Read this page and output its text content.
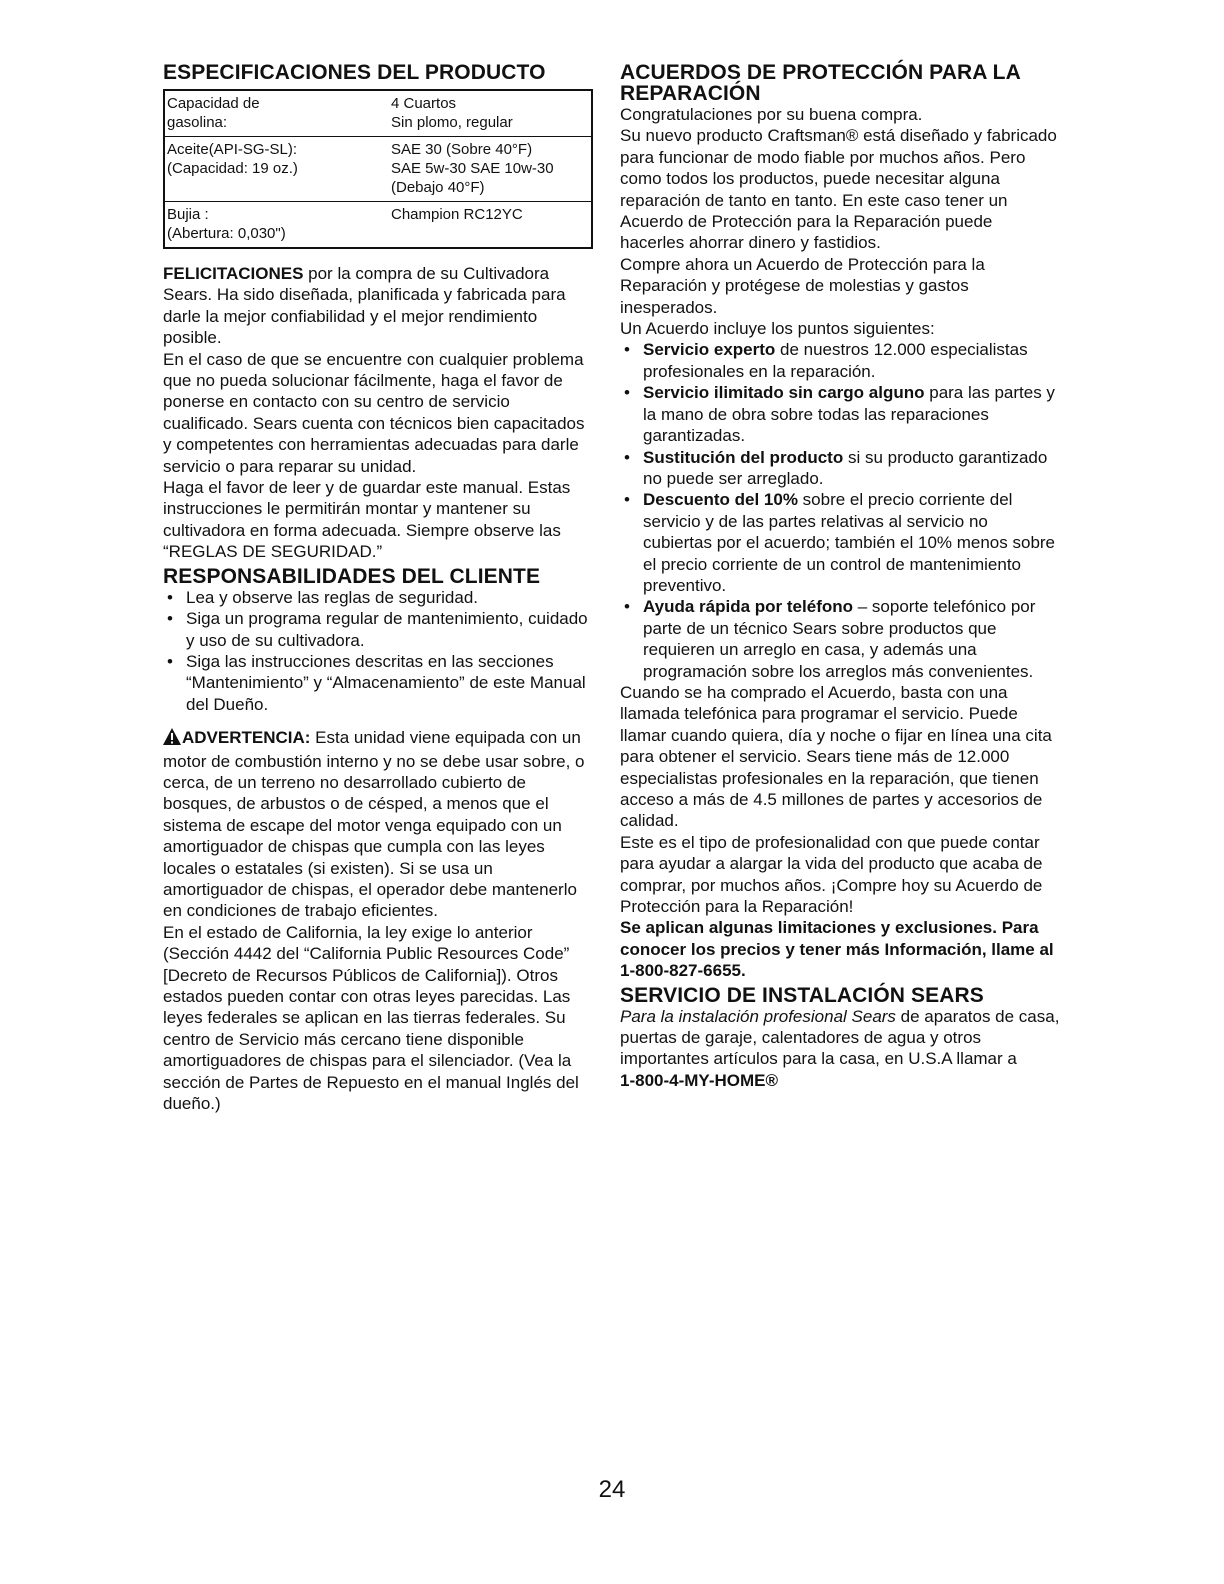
ESPECIFICACIONES DEL PRODUCTO
Capacidad de
gasolina:
4 Cuartos
Sin plomo, regular
Aceite(API-SG-SL):
(Capacidad: 19 oz.)
SAE 30 (Sobre 40°F)
SAE 5w-30 SAE 10w-30
(Debajo 40°F)
Bujia :
(Abertura: 0,030")
Champion RC12YC

FELICITACIONES por la compra de su Cultivadora Sears. Ha sido diseñada, planificada y fabricada para darle la mejor confiabilidad y el mejor rendimiento posible.

En el caso de que se encuentre con cualquier problema que no pueda solucionar fácilmente, haga el favor de ponerse en contacto con su centro de servicio cualificado. Sears cuenta con técnicos bien capacitados y competentes con herramientas adecuadas para darle servicio o para reparar su unidad.

Haga el favor de leer y de guardar este manual. Estas instrucciones le permitirán montar y mantener su cultivadora en forma adecuada. Siempre observe las “REGLAS DE SEGURIDAD.”

RESPONSABILIDADES DEL CLIENTE
• Lea y observe las reglas de seguridad.
• Siga un programa regular de mantenimiento, cuidado y uso de su cultivadora.
• Siga las instrucciones descritas en las secciones “Mantenimiento” y “Almacenamiento” de este Manual del Dueño.

ADVERTENCIA: Esta unidad viene equipada con un motor de combustión interno y no se debe usar sobre, o cerca, de un terreno no desarrollado cubierto de bosques, de arbustos o de césped, a menos que el sistema de escape del motor venga equipado con un amortiguador de chispas que cumpla con las leyes locales o estatales (si existen). Si se usa un amortiguador de chispas, el operador debe mantenerlo en condiciones de trabajo eficientes.

En el estado de California, la ley exige lo anterior (Sección 4442 del “California Public Resources Code” [Decreto de Recursos Públicos de California]). Otros estados pueden contar con otras leyes parecidas. Las leyes federales se aplican en las tierras federales. Su centro de Servicio más cercano tiene disponible amortiguadores de chispas para el silenciador. (Vea la sección de Partes de Repuesto en el manual Inglés del dueño.)

ACUERDOS DE PROTECCIÓN PARA LA REPARACIÓN

Congratulaciones por su buena compra.

Su nuevo producto Craftsman® está diseñado y fabricado para funcionar de modo fiable por muchos años. Pero como todos los productos, puede necesitar alguna reparación de tanto en tanto. En este caso tener un Acuerdo de Protección para la Reparación puede hacerles ahorrar dinero y fastidios.

Compre ahora un Acuerdo de Protección para la Reparación y protégese de molestias y gastos inesperados.

Un Acuerdo incluye los puntos siguientes:

• Servicio experto de nuestros 12.000 especialistas profesionales en la reparación.
• Servicio ilimitado sin cargo alguno para las partes y la mano de obra sobre todas las reparaciones garantizadas.
• Sustitución del producto si su producto garantizado no puede ser arreglado.
• Descuento del 10% sobre el precio corriente del servicio y de las partes relativas al servicio no cubiertas por el acuerdo; también el 10% menos sobre el precio corriente de un control de mantenimiento preventivo.
• Ayuda rápida por teléfono – soporte telefónico por parte de un técnico Sears sobre productos que requieren un arreglo en casa, y además una programación sobre los arreglos más convenientes.

Cuando se ha comprado el Acuerdo, basta con una llamada telefónica para programar el servicio. Puede llamar cuando quiera, día y noche o fijar en línea una cita para obtener el servicio. Sears tiene más de 12.000 especialistas profesionales en la reparación, que tienen acceso a más de 4.5 millones de partes y accesorios de calidad.

Este es el tipo de profesionalidad con que puede contar para ayudar a alargar la vida del producto que acaba de comprar, por muchos años. ¡Compre hoy su Acuerdo de Protección para la Reparación!

Se aplican algunas limitaciones y exclusiones. Para conocer los precios y tener más Información, llame al 1-800-827-6655.

SERVICIO DE INSTALACIÓN SEARS

Para la instalación profesional Sears de aparatos de casa, puertas de garaje, calentadores de agua y otros importantes artículos para la casa, en U.S.A llamar a

1-800-4-MY-HOME®

24
